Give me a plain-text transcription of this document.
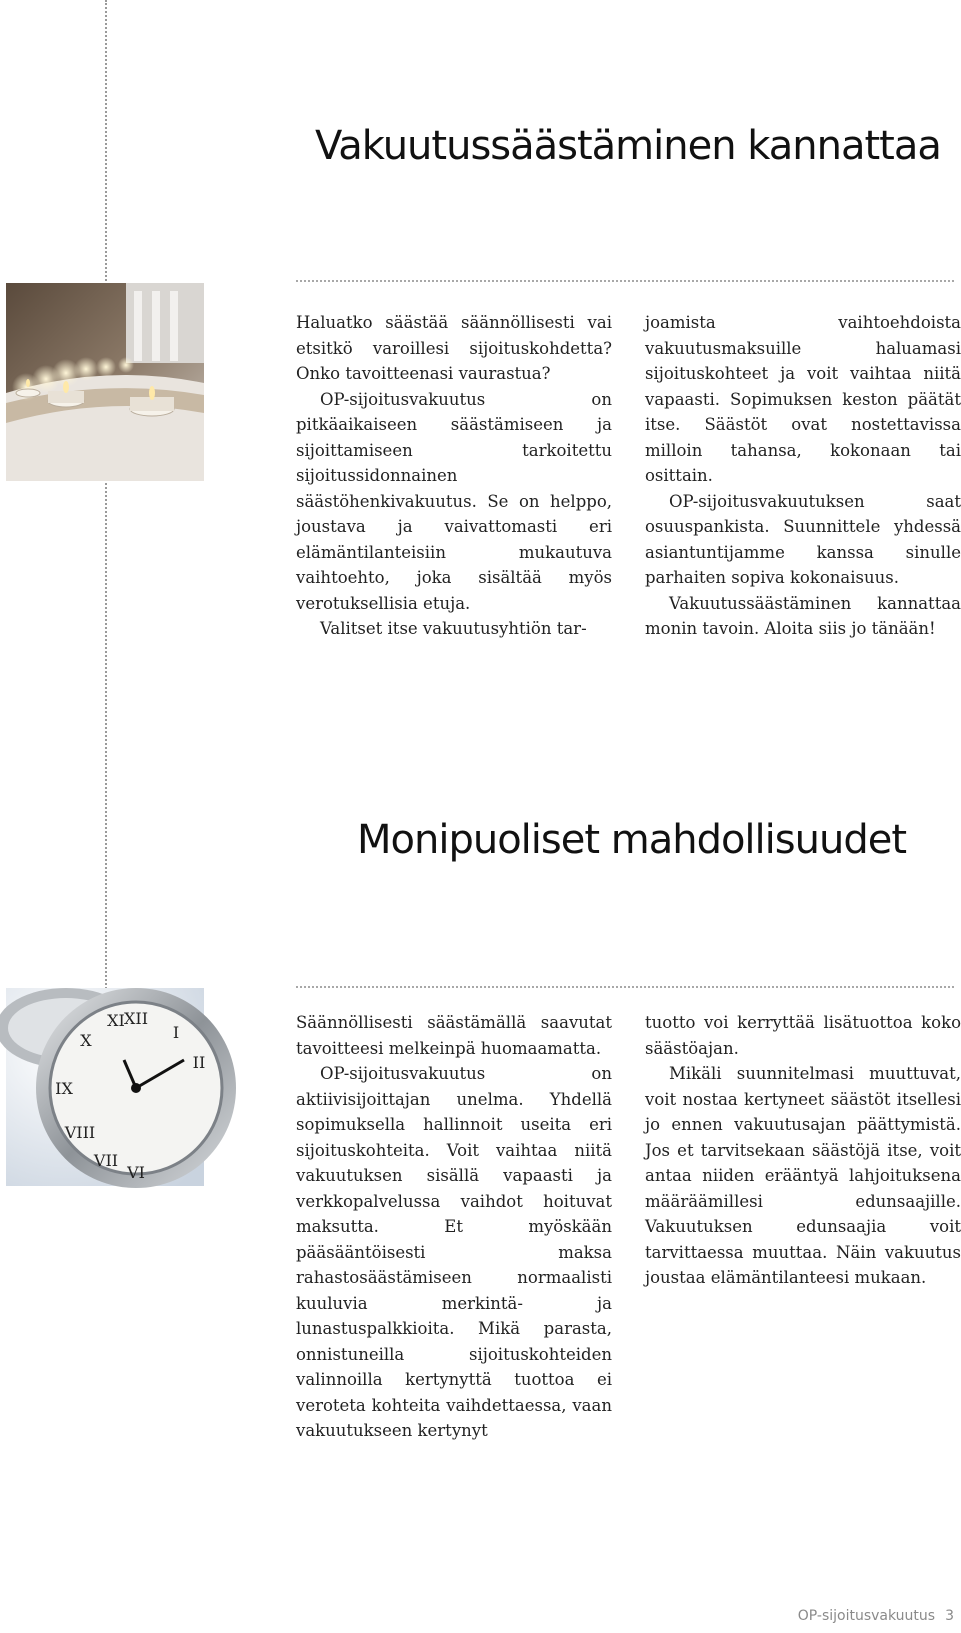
Vakuutussäästäminen kannattaa

Haluatko säästää säännöllisesti vai etsitkö varoillesi sijoituskohdetta? Onko tavoitteenasi vaurastua?

OP-sijoitusvakuutus on pitkäaikaiseen säästämiseen ja sijoittamiseen tarkoitettu sijoitussidonnainen säästöhenkivakuutus. Se on helppo, joustava ja vaivattomasti eri elämäntilanteisiin mukautuva vaihtoehto, joka sisältää myös verotuksellisia etuja.

Valitset itse vakuutusyhtiön tar-

joamista vaihtoehdoista vakuutusmaksuille haluamasi sijoituskohteet ja voit vaihtaa niitä vapaasti. Sopimuksen keston päätät itse. Säästöt ovat nostettavissa milloin tahansa, kokonaan tai osittain.

OP-sijoitusvakuutuksen saat osuuspankista. Suunnittele yhdessä asiantuntijamme kanssa sinulle parhaiten sopiva kokonaisuus.

Vakuutussäästäminen kannattaa monin tavoin. Aloita siis jo tänään!

Monipuoliset mahdollisuudet
XII
I
II
XI
X
IX
VIII
VII
VI

Säännöllisesti säästämällä saavutat tavoitteesi melkeinpä huomaamatta.

OP-sijoitusvakuutus on aktiivisijoittajan unelma. Yhdellä sopimuksella hallinnoit useita eri sijoituskohteita. Voit vaihtaa niitä vakuutuksen sisällä vapaasti ja verkkopalvelussa vaihdot hoituvat maksutta. Et myöskään pääsääntöisesti maksa rahastosäästämiseen normaalisti kuuluvia merkintä- ja lunastuspalkkioita. Mikä parasta, onnistuneilla sijoituskohteiden valinnoilla kertynyttä tuottoa ei veroteta kohteita vaihdettaessa, vaan vakuutukseen kertynyt

tuotto voi kerryttää lisätuottoa koko säästöajan.

Mikäli suunnitelmasi muuttuvat, voit nostaa kertyneet säästöt itsellesi jo ennen vakuutusajan päättymistä. Jos et tarvitsekaan säästöjä itse, voit antaa niiden erääntyä lahjoituksena määräämillesi edunsaajille. Vakuutuksen edunsaajia voit tarvittaessa muuttaa. Näin vakuutus joustaa elämäntilanteesi mukaan.

OP-sijoitusvakuutus 3
